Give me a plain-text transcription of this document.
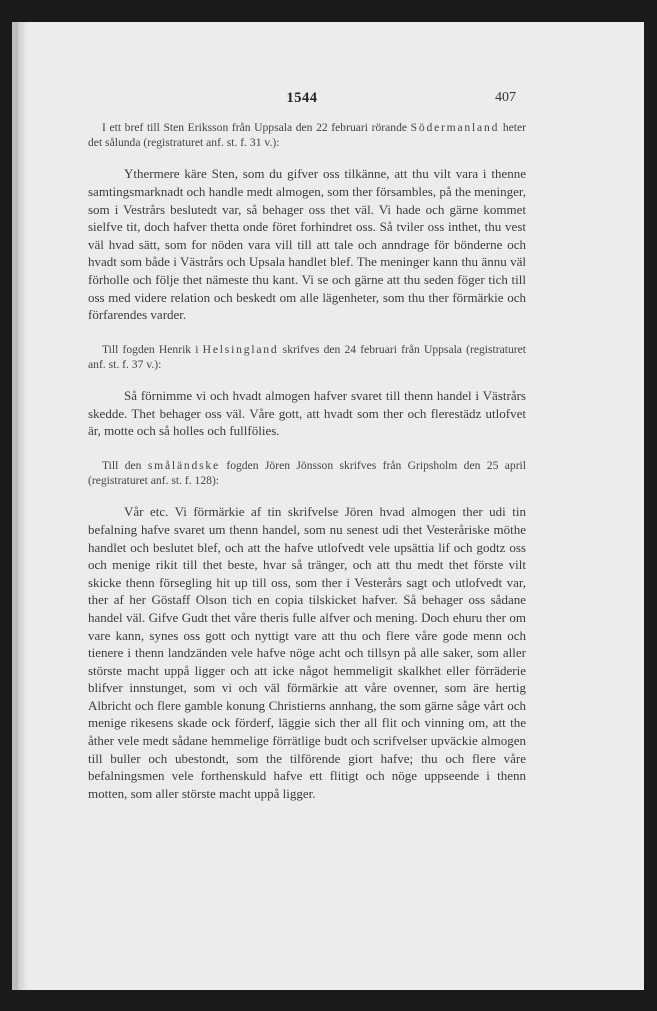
1544	407

I ett bref till Sten Eriksson från Uppsala den 22 februari rörande Södermanland heter det sålunda (registraturet anf. st. f. 31 v.):

Ythermere käre Sten, som du gifver oss tilkänne, att thu vilt vara i thenne samtingsmarknadt och handle medt almogen, som ther försambles, på the meninger, som i Vestrårs beslutedt var, så behager oss thet väl. Vi hade och gärne kommet sielfve tit, doch hafver thetta onde föret forhindret oss. Så tviler oss inthet, thu vest väl hvad sätt, som for nöden vara vill till att tale och anndrage för bönderne och hvadt som både i Västrårs och Upsala handlet blef. The meninger kann thu ännu väl förholle och följe thet nämeste thu kant. Vi se och gärne att thu seden föger tich till oss med videre relation och beskedt om alle lägenheter, som thu ther förmärkie och förfarendes varder.

Till fogden Henrik i Helsingland skrifves den 24 februari från Uppsala (registraturet anf. st. f. 37 v.):

Så förnimme vi och hvadt almogen hafver svaret till thenn handel i Västrårs skedde. Thet behager oss väl. Våre gott, att hvadt som ther och flerestädz utlofvet är, motte och så holles och fullfölies.

Till den småländske fogden Jören Jönsson skrifves från Gripsholm den 25 april (registraturet anf. st. f. 128):

Vår etc. Vi förmärkie af tin skrifvelse Jören hvad almogen ther udi tin befalning hafve svaret um thenn handel, som nu senest udi thet Vesteråriske möthe handlet och beslutet blef, och att the hafve utlofvedt vele upsättia lif och godtz oss och menige rikit till thet beste, hvar så tränger, och att thu medt thet förste vilt skicke thenn försegling hit up till oss, som ther i Vesterårs sagt och utlofvedt var, ther af her Göstaff Olson tich en copia tilskicket hafver. Så behager oss sådane handel väl. Gifve Gudt thet våre theris fulle alfver och mening. Doch ehuru ther om vare kann, synes oss gott och nyttigt vare att thu och flere våre gode menn och tienere i thenn landzänden vele hafve nöge acht och tillsyn på alle saker, som aller störste macht uppå ligger och att icke något hemmeligit skalkhet eller förräderie blifver innstunget, som vi och väl förmärkie att våre ovenner, som äre hertig Albricht och flere gamble konung Christierns annhang, the som gärne såge vårt och menige rikesens skade ock förderf, läggie sich ther all flit och vinning om, att the åther vele medt sådane hemmelige förrätlige budt och scrifvelser upväckie almogen till buller och ubestondt, som the tilförende giort hafve; thu och flere våre befalningsmen vele forthenskuld hafve ett flitigt och nöge uppseende i thenn motten, som aller störste macht uppå ligger.
